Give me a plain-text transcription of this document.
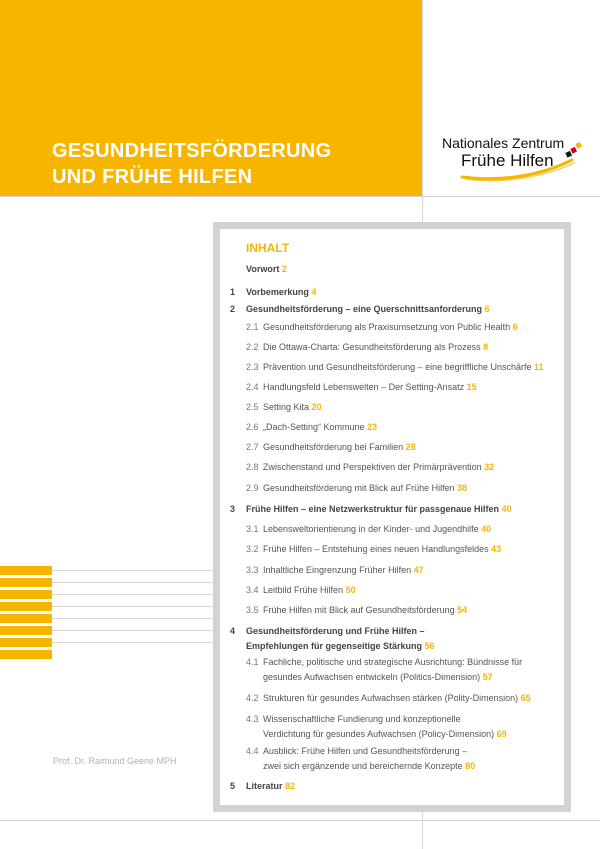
GESUNDHEITSFÖRDERUNG
UND FRÜHE HILFEN
Nationales Zentrum
Frühe Hilfen
Prof. Dr. Raimund Geene MPH
INHALT
Vorwort 2
1 Vorbemerkung 4
2 Gesundheitsförderung – eine Querschnittsanforderung 6
2.1 Gesundheitsförderung als Praxisumsetzung von Public Health 6
2.2 Die Ottawa-Charta: Gesundheitsförderung als Prozess 8
2.3 Prävention und Gesundheitsförderung – eine begriffliche Unschärfe 11
2.4 Handlungsfeld Lebenswelten – Der Setting-Ansatz 15
2.5 Setting Kita 20
2.6 „Dach-Setting“ Kommune 23
2.7 Gesundheitsförderung bei Familien 28
2.8 Zwischenstand und Perspektiven der Primärprävention 32
2.9 Gesundheitsförderung mit Blick auf Frühe Hilfen 38
3 Frühe Hilfen – eine Netzwerkstruktur für passgenaue Hilfen 40
3.1 Lebensweltorientierung in der Kinder- und Jugendhilfe 40
3.2 Frühe Hilfen – Entstehung eines neuen Handlungsfeldes 43
3.3 Inhaltliche Eingrenzung Früher Hilfen 47
3.4 Leitbild Frühe Hilfen 50
3.5 Frühe Hilfen mit Blick auf Gesundheitsförderung 54
4 Gesundheitsförderung und Frühe Hilfen –
Empfehlungen für gegenseitige Stärkung 56
4.1 Fachliche, politische und strategische Ausrichtung: Bündnisse für
gesundes Aufwachsen entwickeln (Politics-Dimension) 57
4.2 Strukturen für gesundes Aufwachsen stärken (Polity-Dimension) 65
4.3 Wissenschaftliche Fundierung und konzeptionelle
Verdichtung für gesundes Aufwachsen (Policy-Dimension) 69
4.4 Ausblick: Frühe Hilfen und Gesundheitsförderung –
zwei sich ergänzende und bereichernde Konzepte 80
5 Literatur 82
